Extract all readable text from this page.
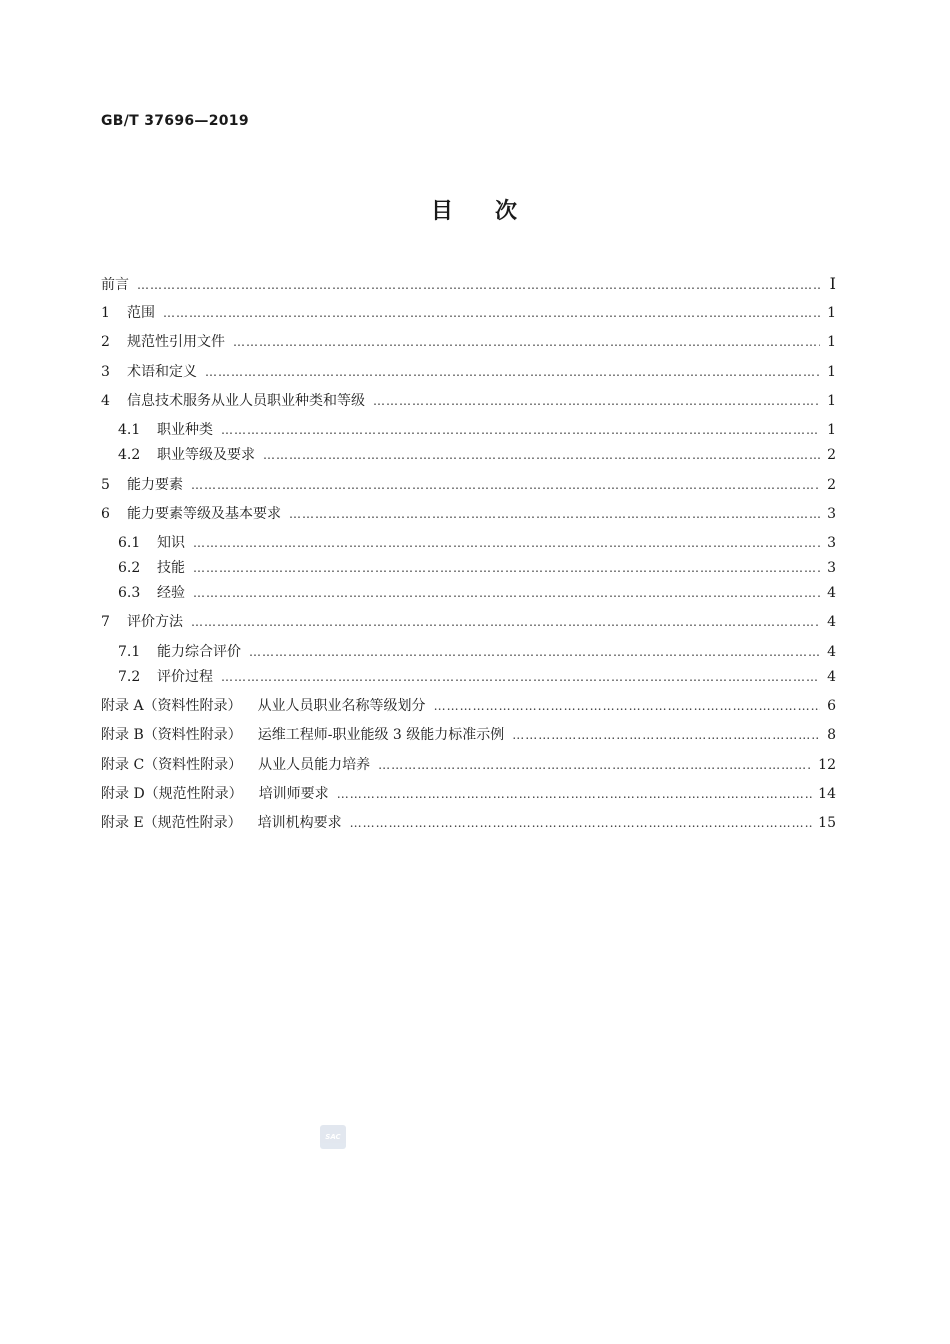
GB/T 37696—2019
目 次
前言 …………………………………………………………………………………………………………………………………………………………………………………………	Ⅰ
1	范围 …………………………………………………………………………………………………………………………………………………………………………………………	1
2	规范性引用文件 …………………………………………………………………………………………………………………………………………………………………………………………	1
3	术语和定义 …………………………………………………………………………………………………………………………………………………………………………………………	1
4	信息技术服务从业人员职业种类和等级 …………………………………………………………………………………………………………………………………………………………………………………………	1
4.1	职业种类 …………………………………………………………………………………………………………………………………………………………………………………………	1
4.2	职业等级及要求 …………………………………………………………………………………………………………………………………………………………………………………………	2
5	能力要素 …………………………………………………………………………………………………………………………………………………………………………………………	2
6	能力要素等级及基本要求 …………………………………………………………………………………………………………………………………………………………………………………………	3
6.1	知识 …………………………………………………………………………………………………………………………………………………………………………………………	3
6.2	技能 …………………………………………………………………………………………………………………………………………………………………………………………	3
6.3	经验 …………………………………………………………………………………………………………………………………………………………………………………………	4
7	评价方法 …………………………………………………………………………………………………………………………………………………………………………………………	4
7.1	能力综合评价 …………………………………………………………………………………………………………………………………………………………………………………………	4
7.2	评价过程 …………………………………………………………………………………………………………………………………………………………………………………………	4
附录 A（资料性附录） 从业人员职业名称等级划分 …………………………………………………………………………………………………………………………………………………………………………………………	6
附录 B（资料性附录） 运维工程师-职业能级 3 级能力标准示例 …………………………………………………………………………………………………………………………………………………………………………………………	8
附录 C（资料性附录） 从业人员能力培养 …………………………………………………………………………………………………………………………………………………………………………………………	12
附录 D（规范性附录） 培训师要求 …………………………………………………………………………………………………………………………………………………………………………………………	14
附录 E（规范性附录） 培训机构要求 …………………………………………………………………………………………………………………………………………………………………………………………	15
SAC
